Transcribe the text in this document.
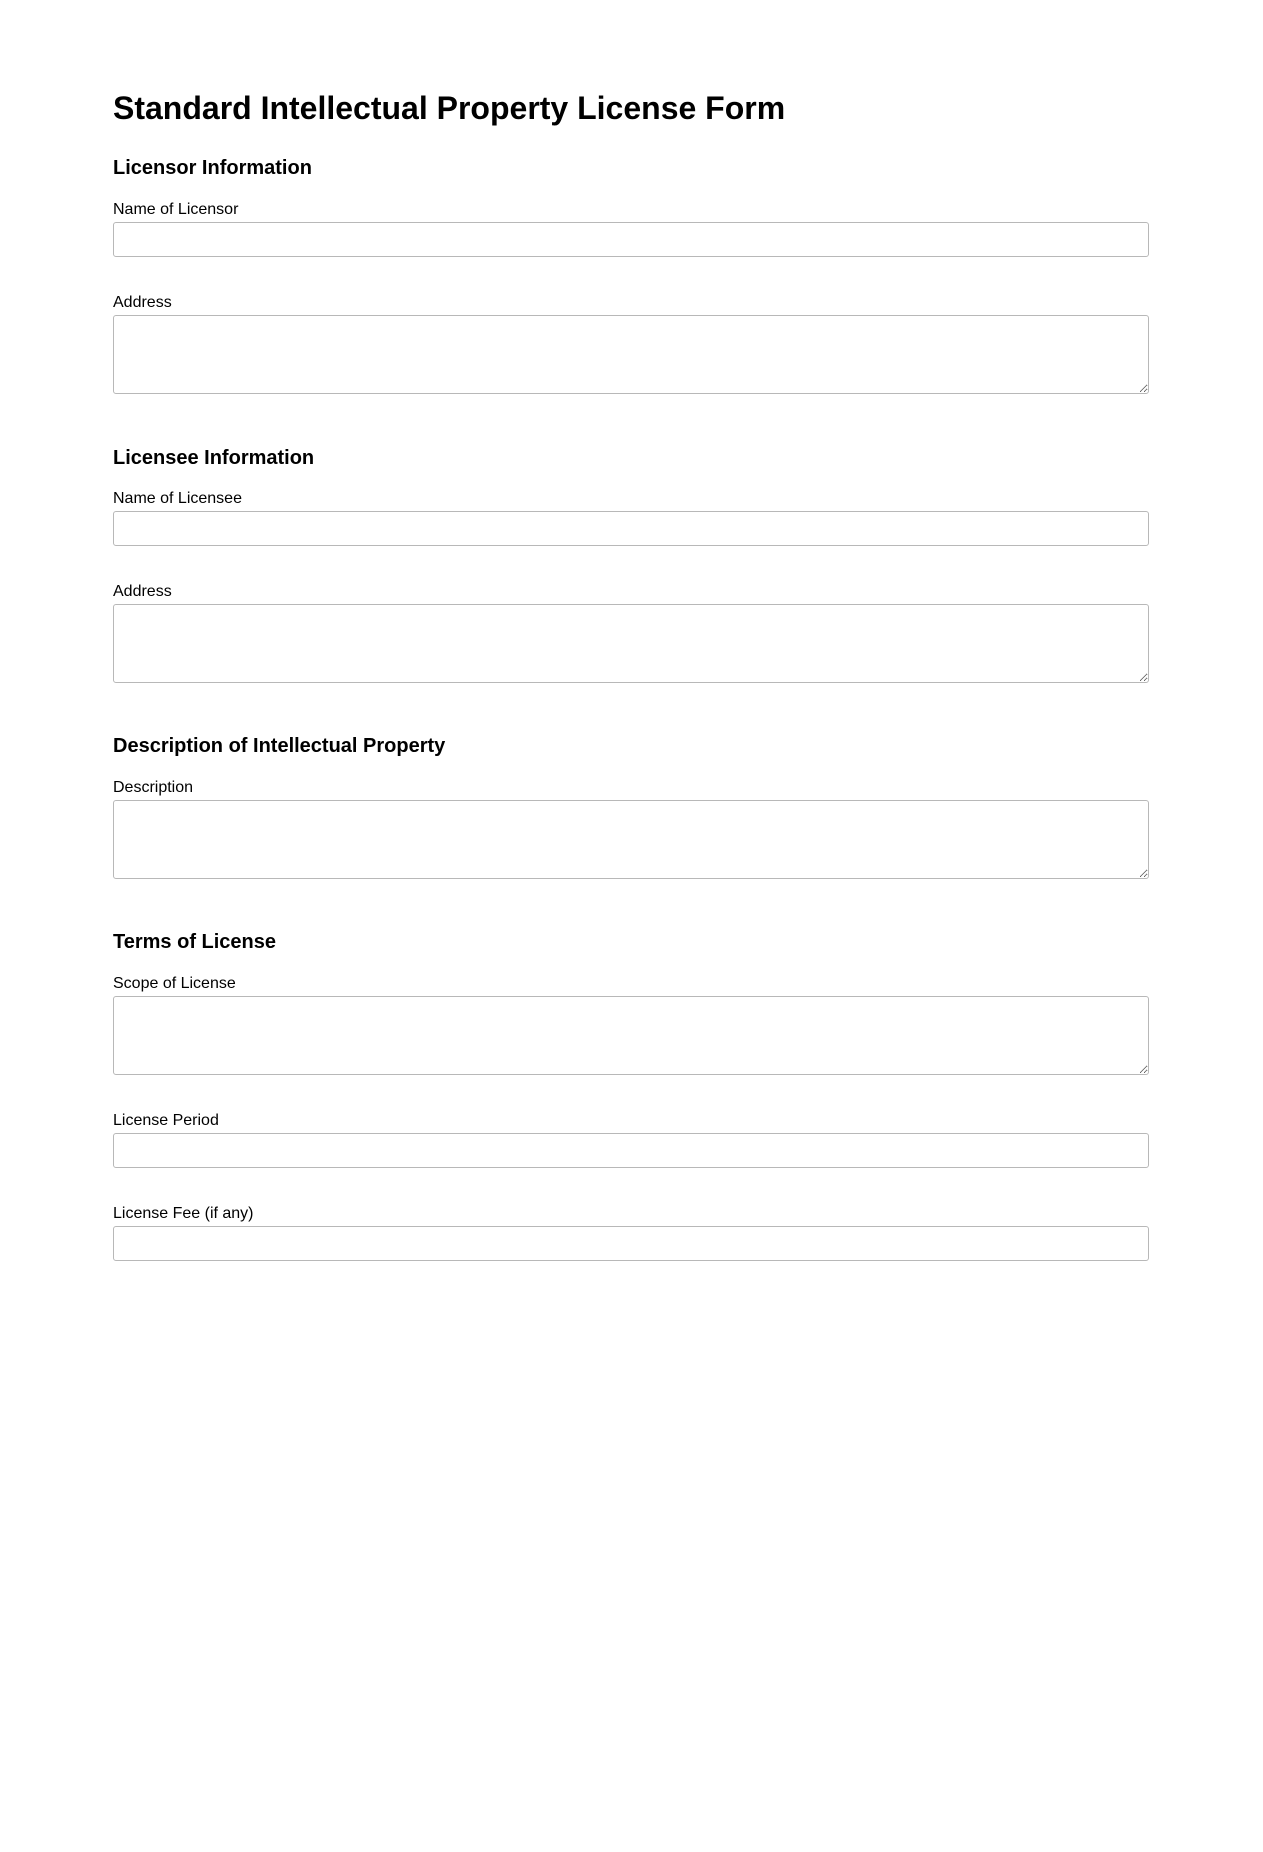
Standard Intellectual Property License Form
Licensor Information
Name of Licensor
Address
Licensee Information
Name of Licensee
Address
Description of Intellectual Property
Description
Terms of License
Scope of License
License Period
License Fee (if any)
